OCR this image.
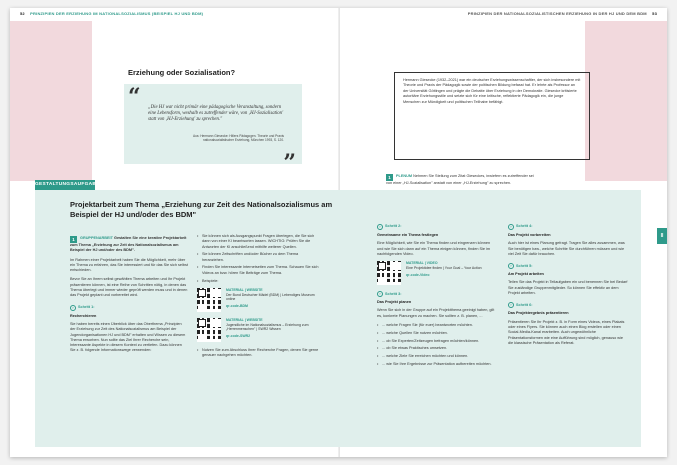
52 PRINZIPIEN DER ERZIEHUNG IM NATIONALSOZIALISMUS (BEISPIEL HJ UND BDM)	PRINZIPIEN DER NATIONALSOZIALISTISCHEN ERZIEHUNG IN DER HJ UND DEM BDM 53
Erziehung oder Sozialisation?
“ „Die HJ war nicht primär eine pädagogische Veranstaltung, sondern eine Lebensform, weshalb es zutreffender wäre, von ‚HJ-Sozialisation' statt von ‚HJ-Erziehung' zu sprechen."
Aus: Hermann Giesecke: Hitlers Pädagogen. Theorie und Praxis nationalsozialistischer Erziehung, München 1993, S. 120.
”
Hermann Giesecke (1932–2021) war ein deutscher Erziehungswissenschaftler, der sich insbesondere mit Theorie und Praxis der Pädagogik sowie der politischen Bildung befasst hat. Er lehrte als Professor an der Universität Göttingen und prägte die Debatte über Erziehung in der Demokratie. Giesecke kritisierte autoritäre Erziehungsstile und setzte sich für eine kritische, reflektierte Pädagogik ein, die junge Menschen zur Mündigkeit und politischen Teilhabe befähigt.
1 PLENUM Nehmen Sie Stellung zum Zitat Gieseckes, inwiefern es zutreffender sei von einer „HJ-Sozialisation" anstatt von einer „HJ-Erziehung" zu sprechen.
GESTALTUNGSAUFGABE
II
Projektarbeit zum Thema „Erziehung zur Zeit des Nationalsozialismus am Beispiel der HJ und/oder des BDM"

1 GRUPPENARBEIT Gestalten Sie eine kreative Projektarbeit zum Thema „Erziehung zur Zeit des Nationalsozialismus am Beispiel der HJ und/oder des BDM".

Im Rahmen einer Projektarbeit haben Sie die Möglichkeit, mehr über ein Thema zu erfahren, das Sie interessiert und für das Sie sich selbst entschieden.

Bevor Sie an Ihrem selbst gewählten Thema arbeiten und Ihr Projekt präsentieren können, ist eine Reihe von Schritten nötig, in denen das Thema überlegt und immer wieder geprüft werden muss und in denen das Projekt geplant und vorbereitet wird.

›	Schritt 1:
Recherchieren

Sie haben bereits einen Überblick über das Oberthema „Prinzipien der Erziehung zur Zeit des Nationalsozialismus am Beispiel der Jugendorganisationen HJ und BDM" erhalten und Wissen zu diesem Thema erworben. Nun sollte das Ziel Ihrer Recherche sein, Interessante Aspekte in diesem Kontext zu vertiefen. Dazu können Sie z. B. folgende Informationswege verwenden:

• Sie können sich als Ausgangspunkt Fragen überlegen, die Sie sich dann von einer KI beantworten lassen. WICHTIG: Prüfen Sie die Antworten der KI anschließend mithilfe weiterer Quellen.
• Sie können Zeitschriften und/oder Bücher zu dem Thema heranziehen.
• Finden Sie interessante Internetseiten zum Thema. Schauen Sie sich Videos an bzw. hören Sie Beiträge zum Thema.
• Beispiele:
MATERIAL | WEBSITE
Der Bund Deutscher Mädel (BDM) | Lebendiges Museum online
qr-code-BDM
MATERIAL | WEBSITE
Jugendliche im Nationalsozialismus – Erziehung zum „Herrenmenschen" | SWR2 Wissen
qr-code-SWR2
• Nutzen Sie zum Abschluss Ihrer Recherche Fragen, denen Sie gerne genauer nachgehen möchten.
›	Schritt 2:
Gemeinsame ein Thema festlegen

Eine Möglichkeit, wie Sie ein Thema finden und eingrenzen können und wie Sie sich dann auf ein Thema einigen können, finden Sie im nachfolgenden Video.

MATERIAL | VIDEO
Eine Projektidee finden | Your Goal – Your Action
qr-code-Video
›	Schritt 3:
Das Projekt planen

Wenn Sie sich in der Gruppe auf ein Projektthema geeinigt haben, gilt es, konkrete Planungen zu machen. Sie sollten z. B. planen, ...

• ... welche Fragen Sie (für euer) beantworten möchten.
• ... welche Quellen Sie nutzen möchten.
• ... ob Sie Experten/Zeitzeugen befragen möchten/können.
• ... ob Sie etwas Praktisches umsetzen.
• ... welche Ziele Sie erreichen möchten und können.
• ... wie Sie Ihre Ergebnisse zur Präsentation aufbereiten möchten.
›	Schritt 4:
Das Projekt vorbereiten

Auch hier ist eines Planung gefragt. Tragen Sie alles zusammen, was Sie benötigen bzw., welche Schritte Sie durchführen müssen und wie viel Zeit Sie dafür brauchen.

›	Schritt 5:
Am Projekt arbeiten

Teilen Sie das Projekt in Teilaufgaben ein und benennen Sie bei Bedarf Sie zuständige Gruppenmitglieder. So können Sie effektiv an dem Projekt arbeiten.

›	Schritt 6:
Das Projektergebnis präsentieren

Präsentieren Sie Ihr Projekt z. B. in Form eines Videos, eines Plakats oder eines Flyers. Sie können auch einen Blog erstellen oder einen Social-Media-Kanal erarbeiten. Auch ungewöhnliche Präsentationsformen wie eine Aufführung sind möglich, genauso wie die klassische Präsentation als Referat.
